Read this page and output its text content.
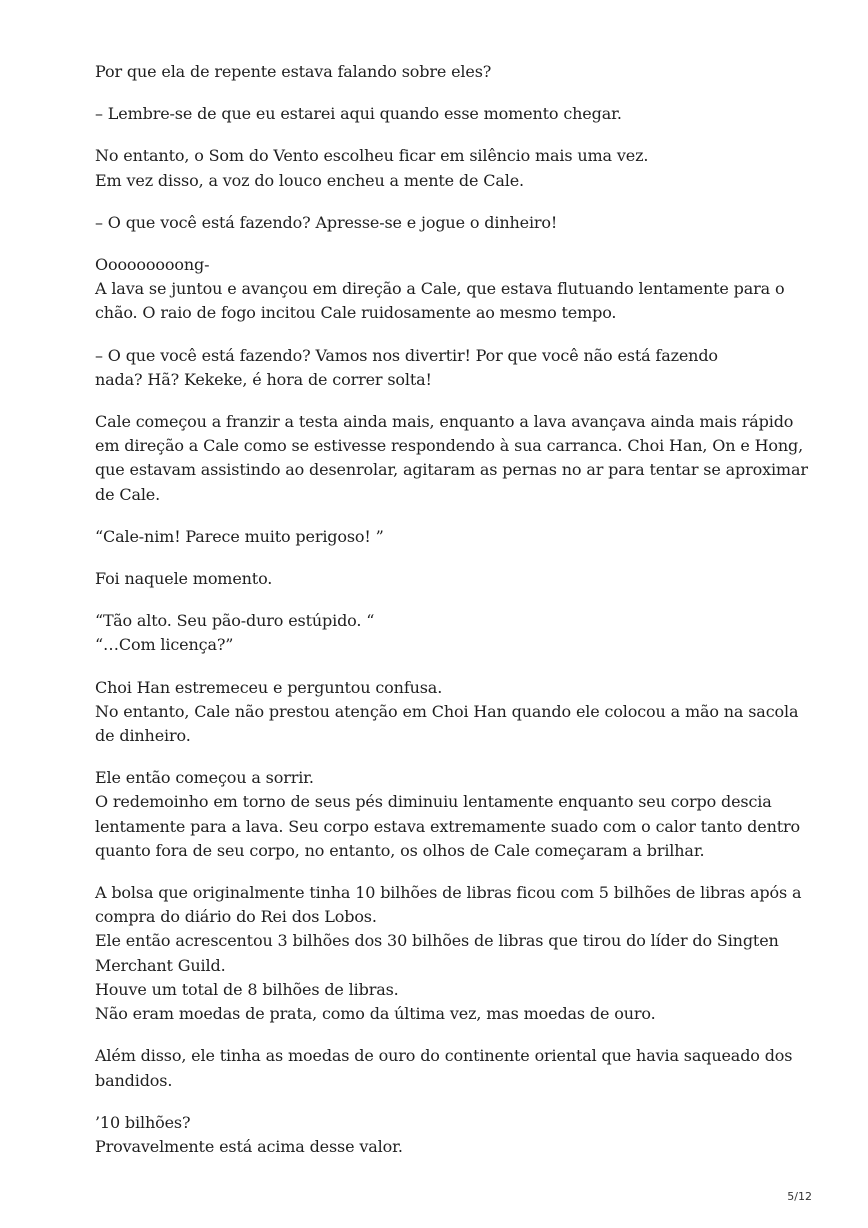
Por que ela de repente estava falando sobre eles?

– Lembre-se de que eu estarei aqui quando esse momento chegar.

No entanto, o Som do Vento escolheu ficar em silêncio mais uma vez.
Em vez disso, a voz do louco encheu a mente de Cale.

– O que você está fazendo? Apresse-se e jogue o dinheiro!

Ooooooooong-
A lava se juntou e avançou em direção a Cale, que estava flutuando lentamente para o
chão. O raio de fogo incitou Cale ruidosamente ao mesmo tempo.

– O que você está fazendo? Vamos nos divertir! Por que você não está fazendo
nada? Hã? Kekeke, é hora de correr solta!

Cale começou a franzir a testa ainda mais, enquanto a lava avançava ainda mais rápido
em direção a Cale como se estivesse respondendo à sua carranca. Choi Han, On e Hong,
que estavam assistindo ao desenrolar, agitaram as pernas no ar para tentar se aproximar
de Cale.

“Cale-nim! Parece muito perigoso! ”

Foi naquele momento.

“Tão alto. Seu pão-duro estúpido. “
“…Com licença?”

Choi Han estremeceu e perguntou confusa.
No entanto, Cale não prestou atenção em Choi Han quando ele colocou a mão na sacola
de dinheiro.

Ele então começou a sorrir.
O redemoinho em torno de seus pés diminuiu lentamente enquanto seu corpo descia
lentamente para a lava. Seu corpo estava extremamente suado com o calor tanto dentro
quanto fora de seu corpo, no entanto, os olhos de Cale começaram a brilhar.

A bolsa que originalmente tinha 10 bilhões de libras ficou com 5 bilhões de libras após a
compra do diário do Rei dos Lobos.
Ele então acrescentou 3 bilhões dos 30 bilhões de libras que tirou do líder do Singten
Merchant Guild.
Houve um total de 8 bilhões de libras.
Não eram moedas de prata, como da última vez, mas moedas de ouro.

Além disso, ele tinha as moedas de ouro do continente oriental que havia saqueado dos
bandidos.

’10 bilhões?
Provavelmente está acima desse valor.

5/12
